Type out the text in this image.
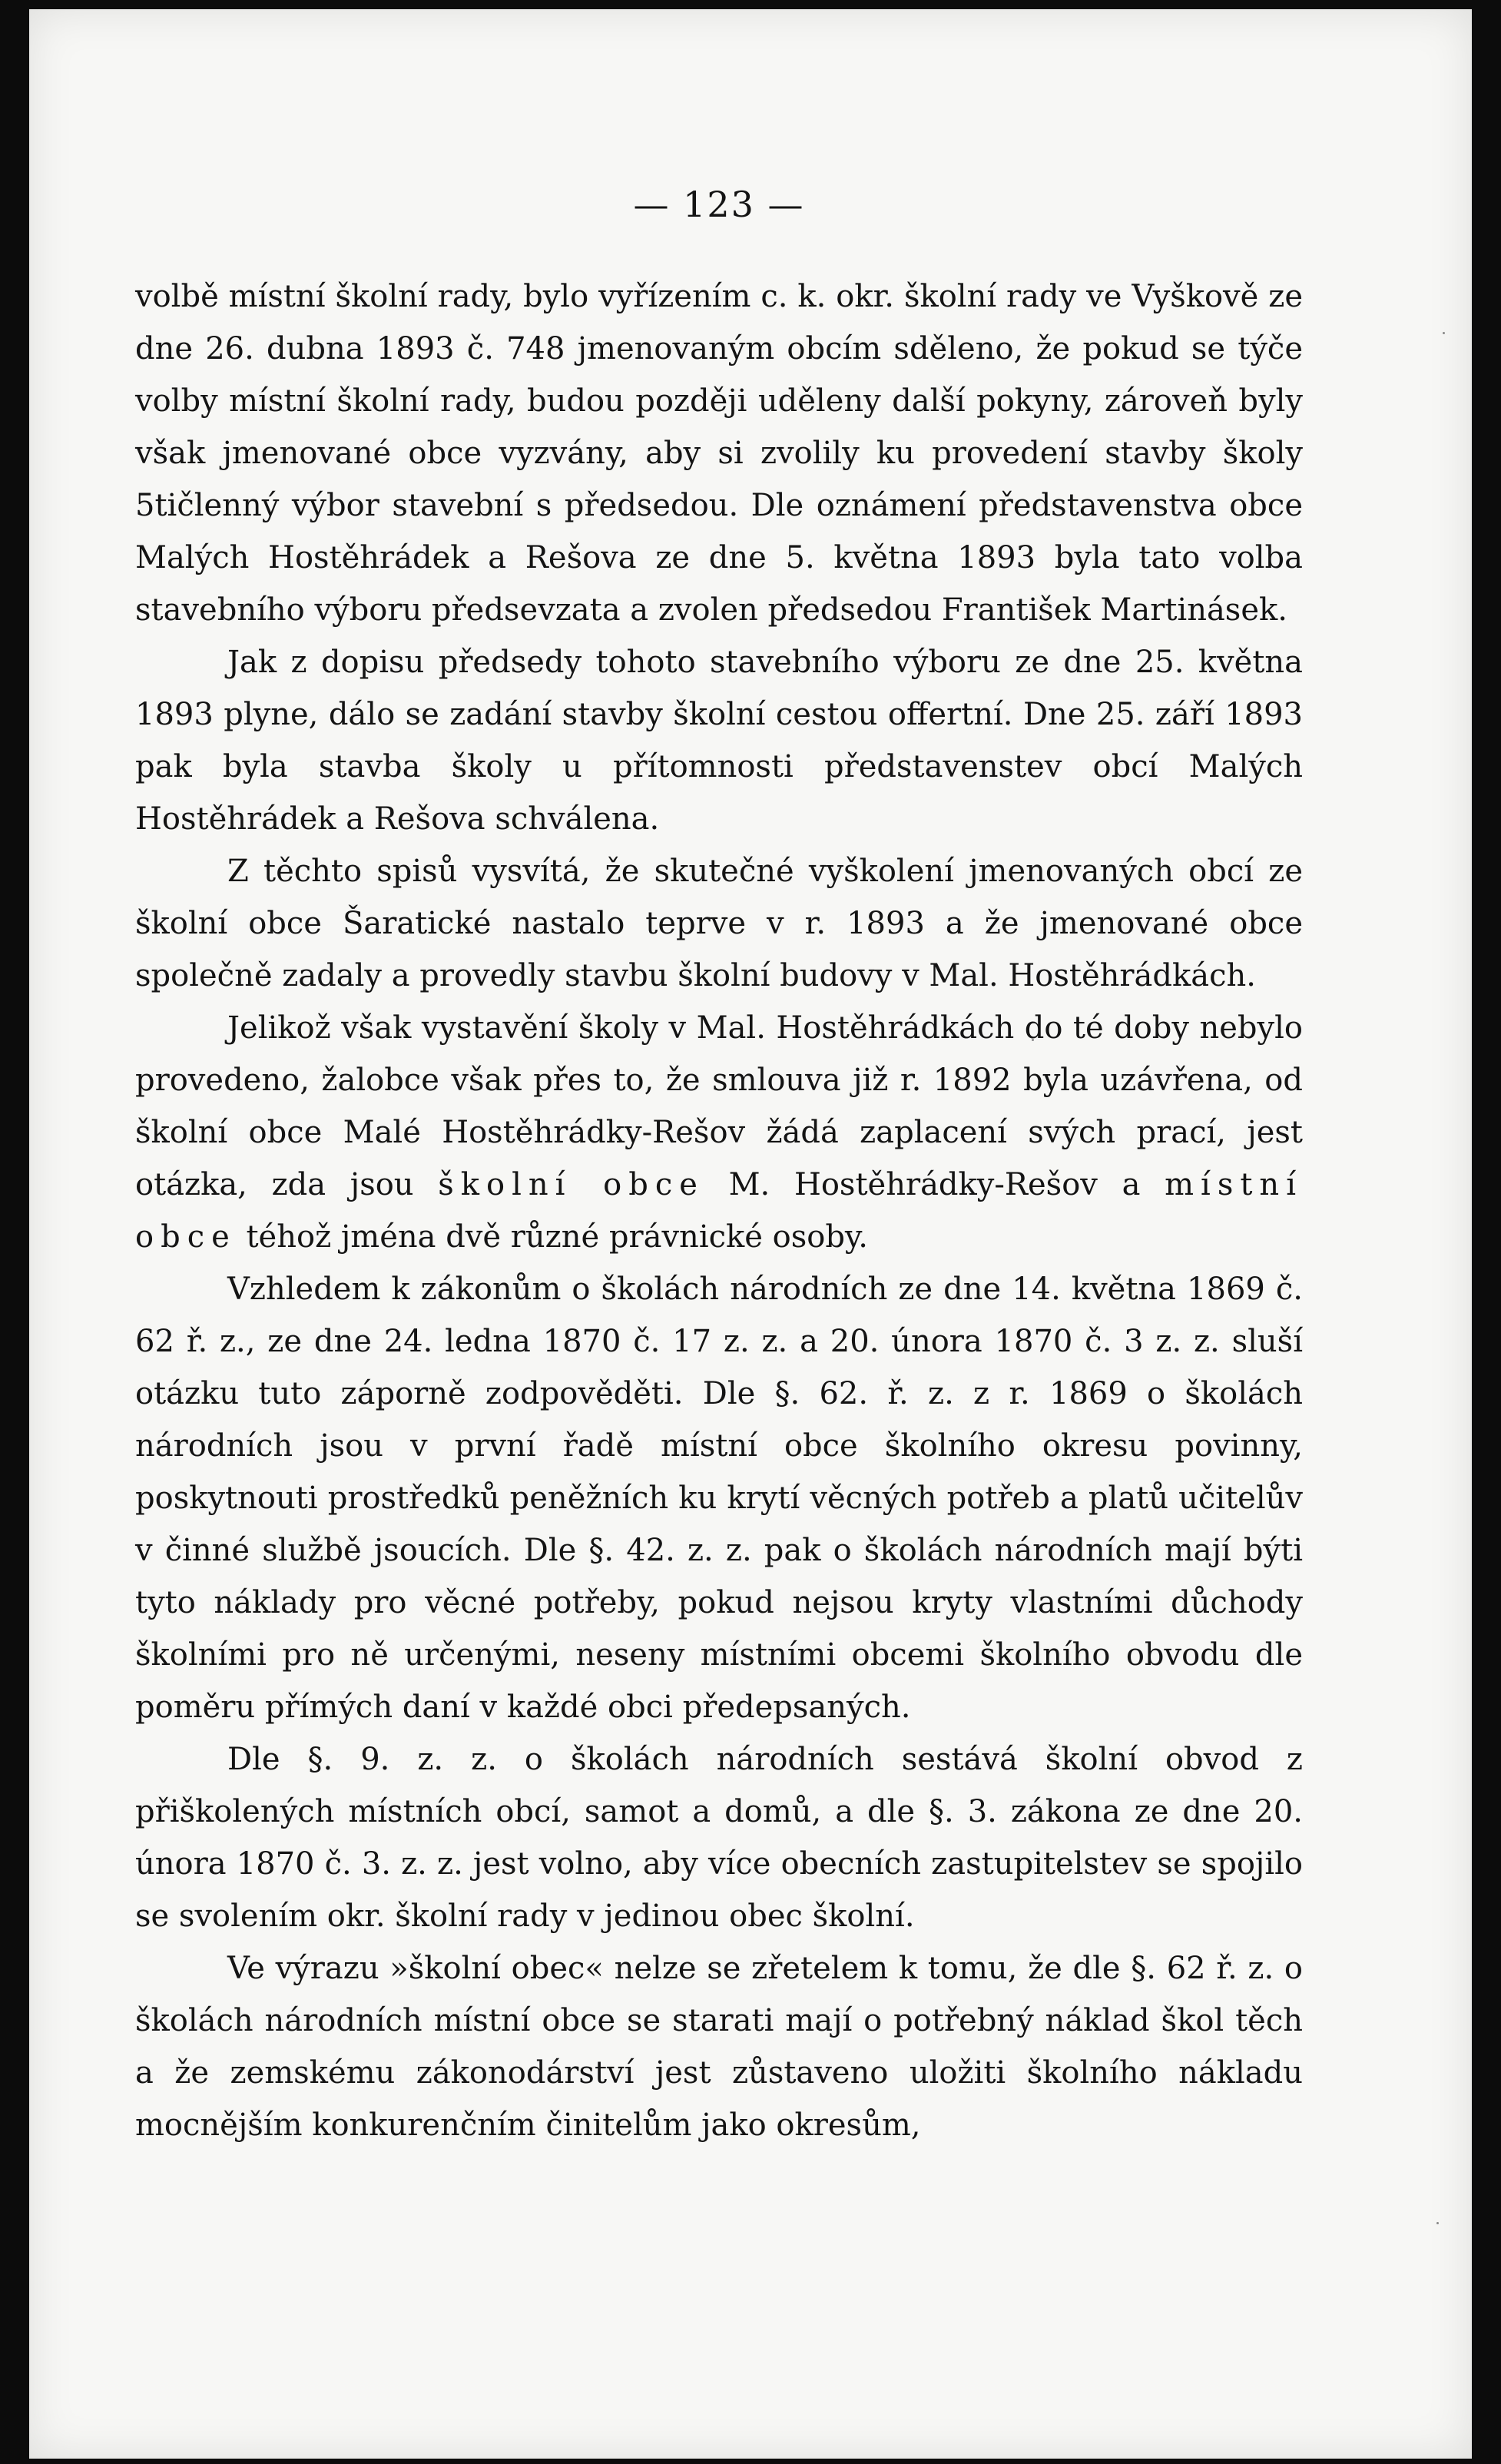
— 123 —

volbě místní školní rady, bylo vyřízením c. k. okr. školní rady ve Vyškově ze dne 26. dubna 1893 č. 748 jmenovaným obcím sděleno, že pokud se týče volby místní školní rady, budou později uděleny další pokyny, zároveň byly však jmenované obce vyzvány, aby si zvolily ku provedení stavby školy 5tičlenný výbor stavební s předsedou. Dle oznámení představenstva obce Malých Hostěhrádek a Rešova ze dne 5. května 1893 byla tato volba stavebního výboru předsevzata a zvolen předsedou František Martinásek.

Jak z dopisu předsedy tohoto stavebního výboru ze dne 25. května 1893 plyne, dálo se zadání stavby školní cestou offertní. Dne 25. září 1893 pak byla stavba školy u přítomnosti představenstev obcí Malých Hostěhrádek a Rešova schválena.

Z těchto spisů vysvítá, že skutečné vyškolení jmenovaných obcí ze školní obce Šaratické nastalo teprve v r. 1893 a že jmenované obce společně zadaly a provedly stavbu školní budovy v Mal. Hostěhrádkách.

Jelikož však vystavění školy v Mal. Hostěhrádkách do té doby nebylo provedeno, žalobce však přes to, že smlouva již r. 1892 byla uzávřena, od školní obce Malé Hostěhrádky-Rešov žádá zaplacení svých prací, jest otázka, zda jsou školní obce M. Hostěhrádky-Rešov a místní obce téhož jména dvě různé právnické osoby.

Vzhledem k zákonům o školách národních ze dne 14. května 1869 č. 62 ř. z., ze dne 24. ledna 1870 č. 17 z. z. a 20. února 1870 č. 3 z. z. sluší otázku tuto záporně zodpověděti. Dle §. 62. ř. z. z r. 1869 o školách národních jsou v první řadě místní obce školního okresu povinny, poskytnouti prostředků peněžních ku krytí věcných potřeb a platů učitelův v činné službě jsoucích. Dle §. 42. z. z. pak o školách národních mají býti tyto náklady pro věcné potřeby, pokud nejsou kryty vlastními důchody školními pro ně určenými, neseny místními obcemi školního obvodu dle poměru přímých daní v každé obci předepsaných.

Dle §. 9. z. z. o školách národních sestává školní obvod z přiškolených místních obcí, samot a domů, a dle §. 3. zákona ze dne 20. února 1870 č. 3. z. z. jest volno, aby více obecních zastupitelstev se spojilo se svolením okr. školní rady v jedinou obec školní.

Ve výrazu »školní obec« nelze se zřetelem k tomu, že dle §. 62 ř. z. o školách národních místní obce se starati mají o potřebný náklad škol těch a že zemskému zákonodárství jest zůstaveno uložiti školního nákladu mocnějším konkurenčním činitelům jako okresům,
